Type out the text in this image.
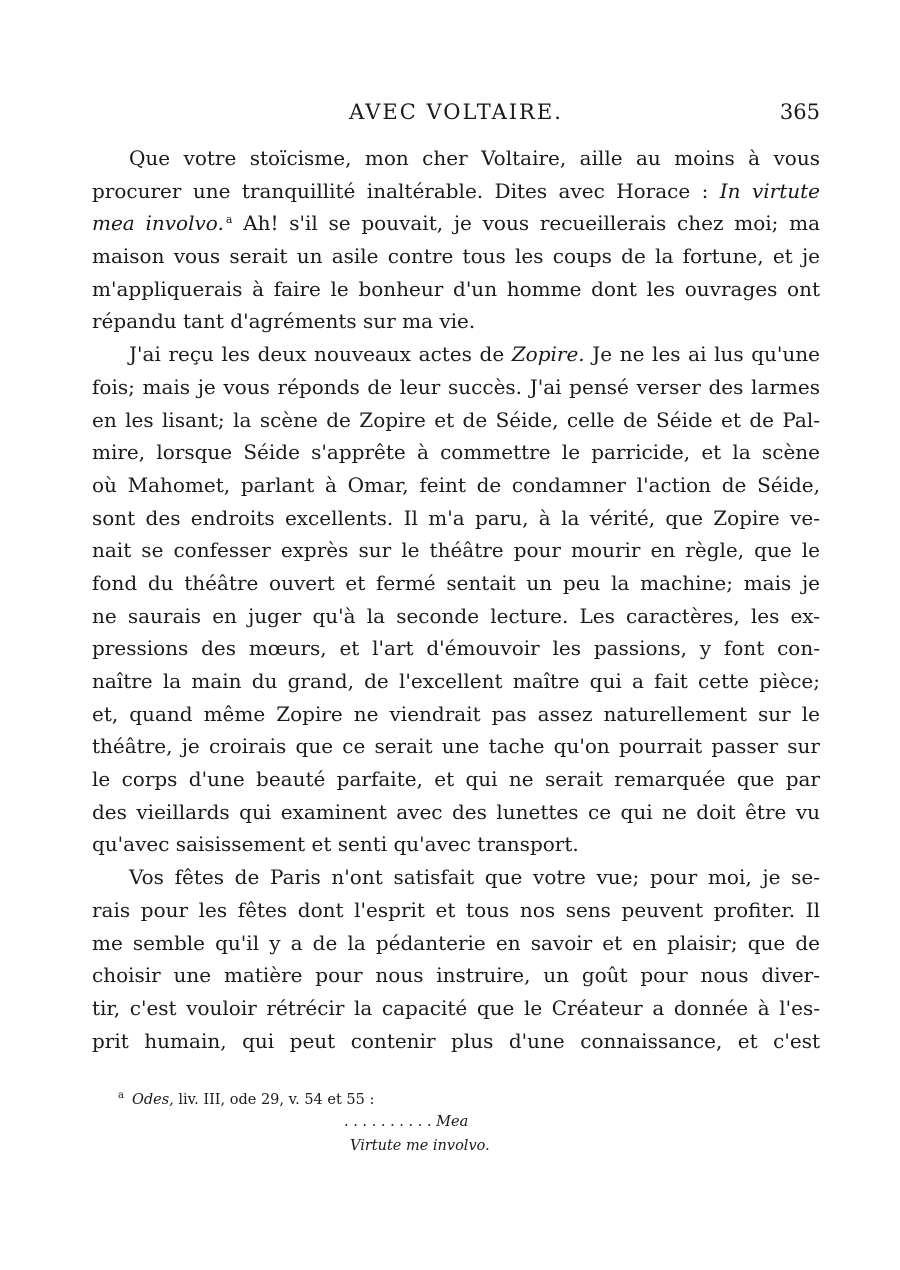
AVEC VOLTAIRE.	365
Que votre stoïcisme, mon cher Voltaire, aille au moins à vous
procurer une tranquillité inaltérable. Dites avec Horace : In virtute
mea involvo. $^a$ Ah! s'il se pouvait, je vous recueillerais chez moi; ma
maison vous serait un asile contre tous les coups de la fortune, et je
m'appliquerais à faire le bonheur d'un homme dont les ouvrages ont
répandu tant d'agréments sur ma vie.
J'ai reçu les deux nouveaux actes de Zopire. Je ne les ai lus qu'une
fois; mais je vous réponds de leur succès. J'ai pensé verser des larmes
en les lisant; la scène de Zopire et de Séide, celle de Séide et de Pal-
mire, lorsque Séide s'apprête à commettre le parricide, et la scène
où Mahomet, parlant à Omar, feint de condamner l'action de Séide,
sont des endroits excellents. Il m'a paru, à la vérité, que Zopire ve-
nait se confesser exprès sur le théâtre pour mourir en règle, que le
fond du théâtre ouvert et fermé sentait un peu la machine; mais je
ne saurais en juger qu'à la seconde lecture. Les caractères, les ex-
pressions des mœurs, et l'art d'émouvoir les passions, y font con-
naître la main du grand, de l'excellent maître qui a fait cette pièce;
et, quand même Zopire ne viendrait pas assez naturellement sur le
théâtre, je croirais que ce serait une tache qu'on pourrait passer sur
le corps d'une beauté parfaite, et qui ne serait remarquée que par
des vieillards qui examinent avec des lunettes ce qui ne doit être vu
qu'avec saisissement et senti qu'avec transport.
Vos fêtes de Paris n'ont satisfait que votre vue; pour moi, je se-
rais pour les fêtes dont l'esprit et tous nos sens peuvent profiter. Il
me semble qu'il y a de la pédanterie en savoir et en plaisir; que de
choisir une matière pour nous instruire, un goût pour nous diver-
tir, c'est vouloir rétrécir la capacité que le Créateur a donnée à l'es-
prit humain, qui peut contenir plus d'une connaissance, et c'est
$^a$ Odes, liv. III, ode 29, v. 54 et 55 :
. . . . . . . . . . Mea
Virtute me involvo.
